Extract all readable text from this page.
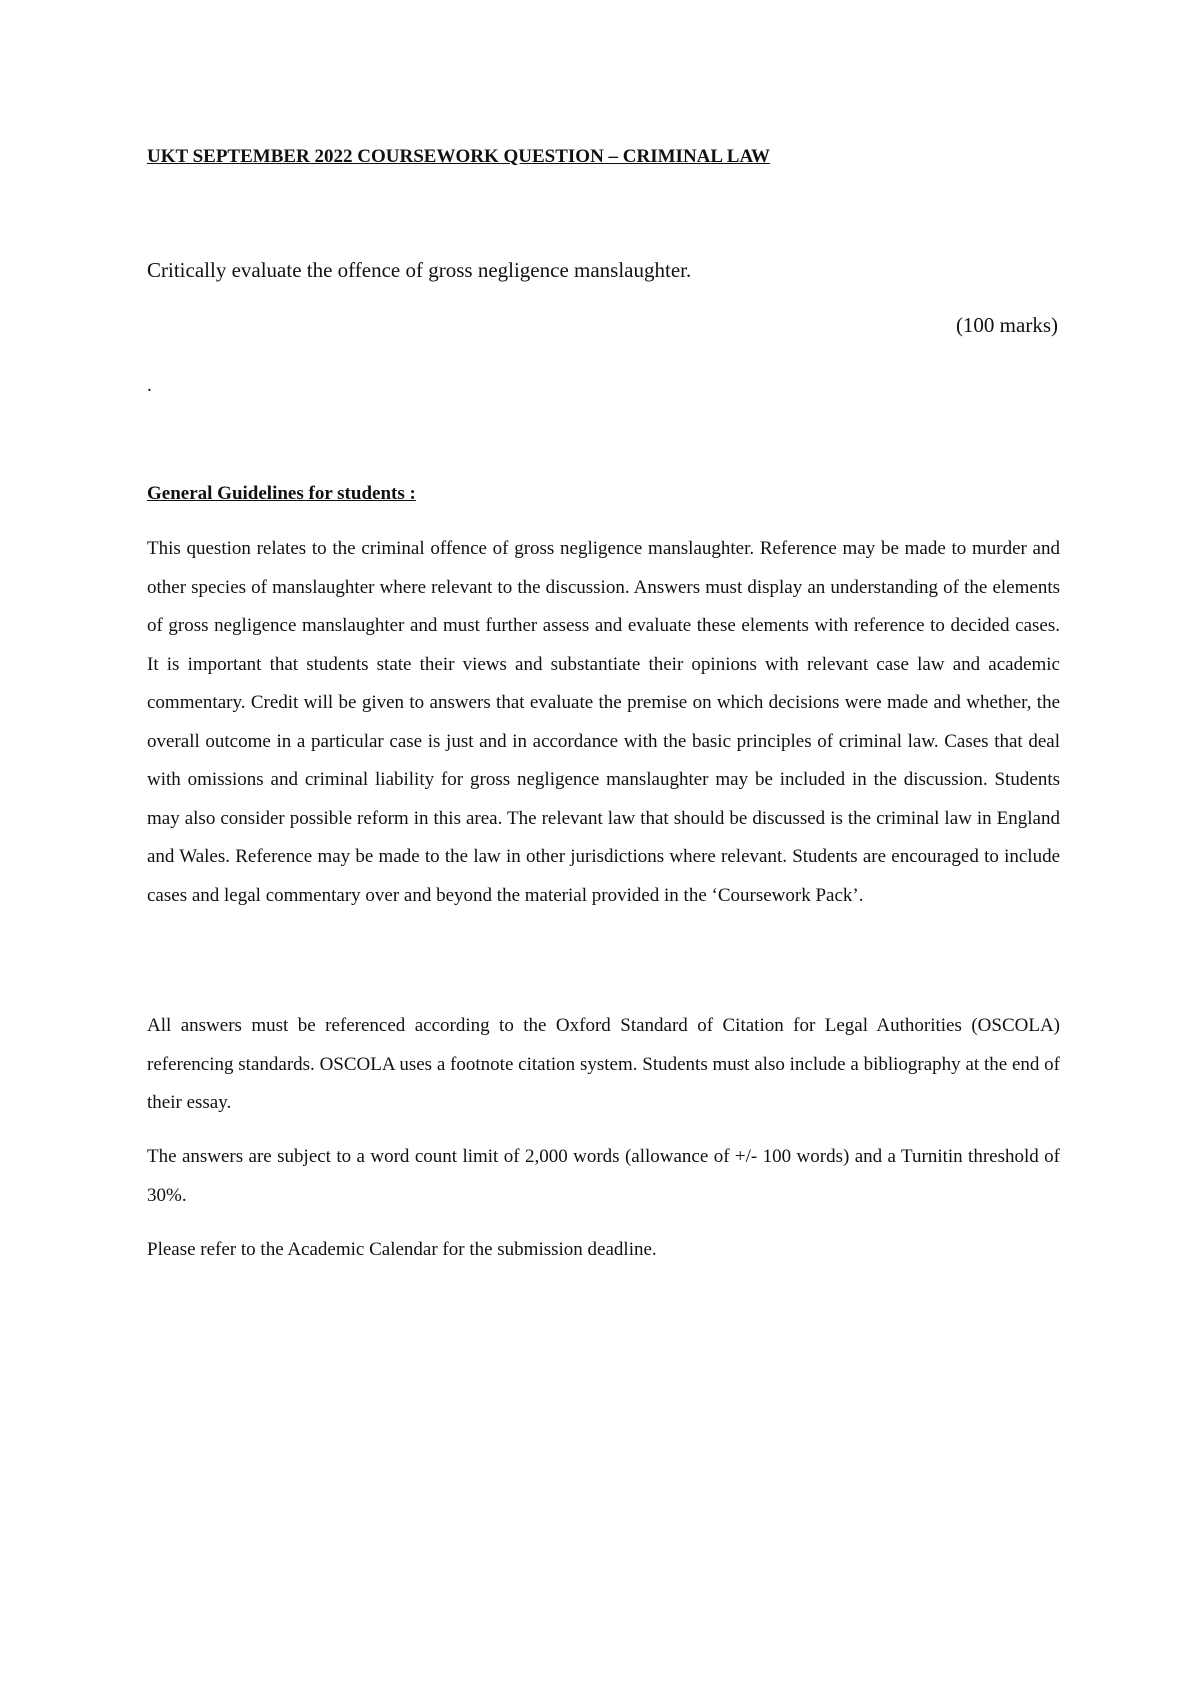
UKT SEPTEMBER 2022 COURSEWORK QUESTION – CRIMINAL LAW
Critically evaluate the offence of gross negligence manslaughter.
(100 marks)
.
General Guidelines for students :

This question relates to the criminal offence of gross negligence manslaughter. Reference may be made to murder and other species of manslaughter where relevant to the discussion. Answers must display an understanding of the elements of gross negligence manslaughter and must further assess and evaluate these elements with reference to decided cases. It is important that students state their views and substantiate their opinions with relevant case law and academic commentary. Credit will be given to answers that evaluate the premise on which decisions were made and whether, the overall outcome in a particular case is just and in accordance with the basic principles of criminal law. Cases that deal with omissions and criminal liability for gross negligence manslaughter may be included in the discussion. Students may also consider possible reform in this area. The relevant law that should be discussed is the criminal law in England and Wales. Reference may be made to the law in other jurisdictions where relevant. Students are encouraged to include cases and legal commentary over and beyond the material provided in the ‘Coursework Pack’.

All answers must be referenced according to the Oxford Standard of Citation for Legal Authorities (OSCOLA) referencing standards. OSCOLA uses a footnote citation system. Students must also include a bibliography at the end of their essay.

The answers are subject to a word count limit of 2,000 words (allowance of +/- 100 words) and a Turnitin threshold of 30%.

Please refer to the Academic Calendar for the submission deadline.
